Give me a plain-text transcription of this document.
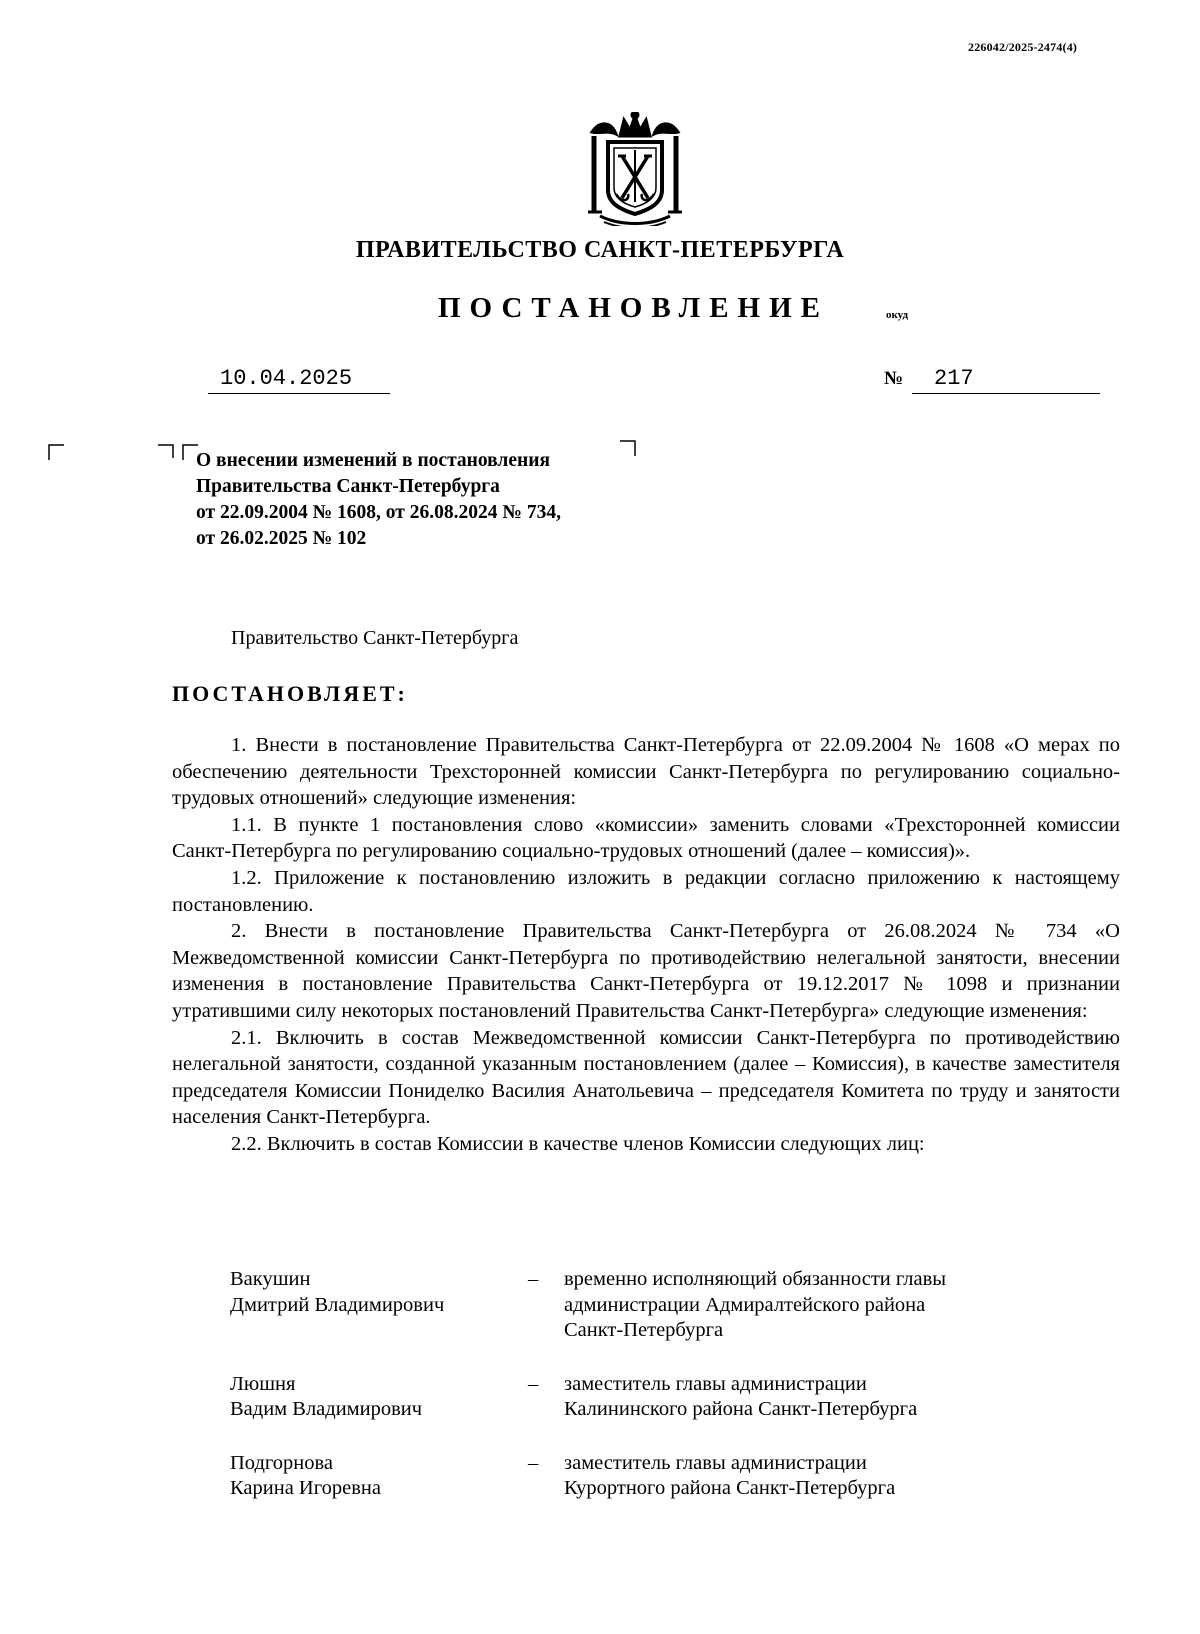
226042/2025-2474(4)
ПРАВИТЕЛЬСТВО САНКТ-ПЕТЕРБУРГА
ПОСТАНОВЛЕНИЕ	окуд
10.04.2025	№	217
О внесении изменений в постановления
Правительства Санкт-Петербурга
от 22.09.2004 № 1608, от 26.08.2024 № 734,
от 26.02.2025 № 102
Правительство Санкт-Петербурга
ПОСТАНОВЛЯЕТ:

1. Внести в постановление Правительства Санкт-Петербурга от 22.09.2004 № 1608 «О мерах по обеспечению деятельности Трехсторонней комиссии Санкт-Петербурга по регулированию социально-трудовых отношений» следующие изменения:

1.1. В пункте 1 постановления слово «комиссии» заменить словами «Трехсторонней комиссии Санкт-Петербурга по регулированию социально-трудовых отношений (далее – комиссия)».

1.2. Приложение к постановлению изложить в редакции согласно приложению к настоящему постановлению.

2. Внести в постановление Правительства Санкт-Петербурга от 26.08.2024 № 734 «О Межведомственной комиссии Санкт-Петербурга по противодействию нелегальной занятости, внесении изменения в постановление Правительства Санкт-Петербурга от 19.12.2017 № 1098 и признании утратившими силу некоторых постановлений Правительства Санкт-Петербурга» следующие изменения:

2.1. Включить в состав Межведомственной комиссии Санкт-Петербурга по противодействию нелегальной занятости, созданной указанным постановлением (далее – Комиссия), в качестве заместителя председателя Комиссии Пониделко Василия Анатольевича – председателя Комитета по труду и занятости населения Санкт-Петербурга.

2.2. Включить в состав Комиссии в качестве членов Комиссии следующих лиц:

Вакушин
Дмитрий Владимирович
–	временно исполняющий обязанности главы
администрации Адмиралтейского района
Санкт-Петербурга
Люшня
Вадим Владимирович
–	заместитель главы администрации
Калининского района Санкт-Петербурга
Подгорнова
Карина Игоревна
–	заместитель главы администрации
Курортного района Санкт-Петербурга
